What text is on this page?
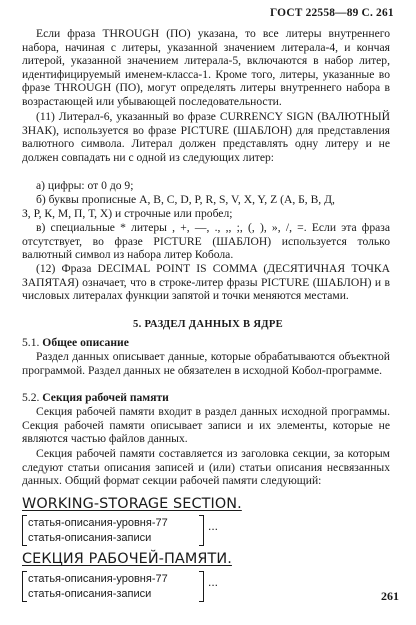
ГОСТ 22558—89 С. 261
Если фраза THROUGH (ПО) указана, то все литеры внутреннего набора, начиная с литеры, указанной значением литерала-4, и кончая литерой, указанной значением литерала-5, включаются в набор литер, идентифицируемый именем-класса-1. Кроме того, литеры, указанные во фразе THROUGH (ПО), могут определять литеры внутреннего набора в возрастающей или убывающей последовательности.
(11) Литерал-6, указанный во фразе CURRENCY SIGN (ВАЛЮТНЫЙ ЗНАК), используется во фразе PICTURE (ШАБЛОН) для представления валютного символа. Литерал должен представлять одну литеру и не должен совпадать ни с одной из следующих литер:
а) цифры: от 0 до 9;
б) буквы прописные A, B, C, D, P, R, S, V, X, Y, Z (А, Б, В, Д,
З, Р, К, М, П, Т, Х) и строчные или пробел;
в) специальные * литеры , +, —, ., ,, ;, (, ), », /, =. Если эта фраза отсутствует, во фразе PICTURE (ШАБЛОН) используется только валютный символ из набора литер Кобола.
(12) Фраза DECIMAL POINT IS COMMA (ДЕСЯТИЧНАЯ ТОЧКА ЗАПЯТАЯ) означает, что в строке-литер фразы PICTURE (ШАБЛОН) и в числовых литералах функции запятой и точки меняются местами.
5. РАЗДЕЛ ДАННЫХ В ЯДРЕ
5.1. Общее описание
Раздел данных описывает данные, которые обрабатываются объектной программой. Раздел данных не обязателен в исходной Кобол-программе.
5.2. Секция рабочей памяти
Секция рабочей памяти входит в раздел данных исходной программы. Секция рабочей памяти описывает записи и их элементы, которые не являются частью файлов данных.
Секция рабочей памяти составляется из заголовка секции, за которым следуют статьи описания записей и (или) статьи описания несвязанных данных. Общий формат секции рабочей памяти следующий:
WORKING-STORAGE SECTION.
статья-описания-уровня-77
статья-описания-записи
...
СЕКЦИЯ РАБОЧЕЙ-ПАМЯТИ.
статья-описания-уровня-77
статья-описания-записи
...
261
